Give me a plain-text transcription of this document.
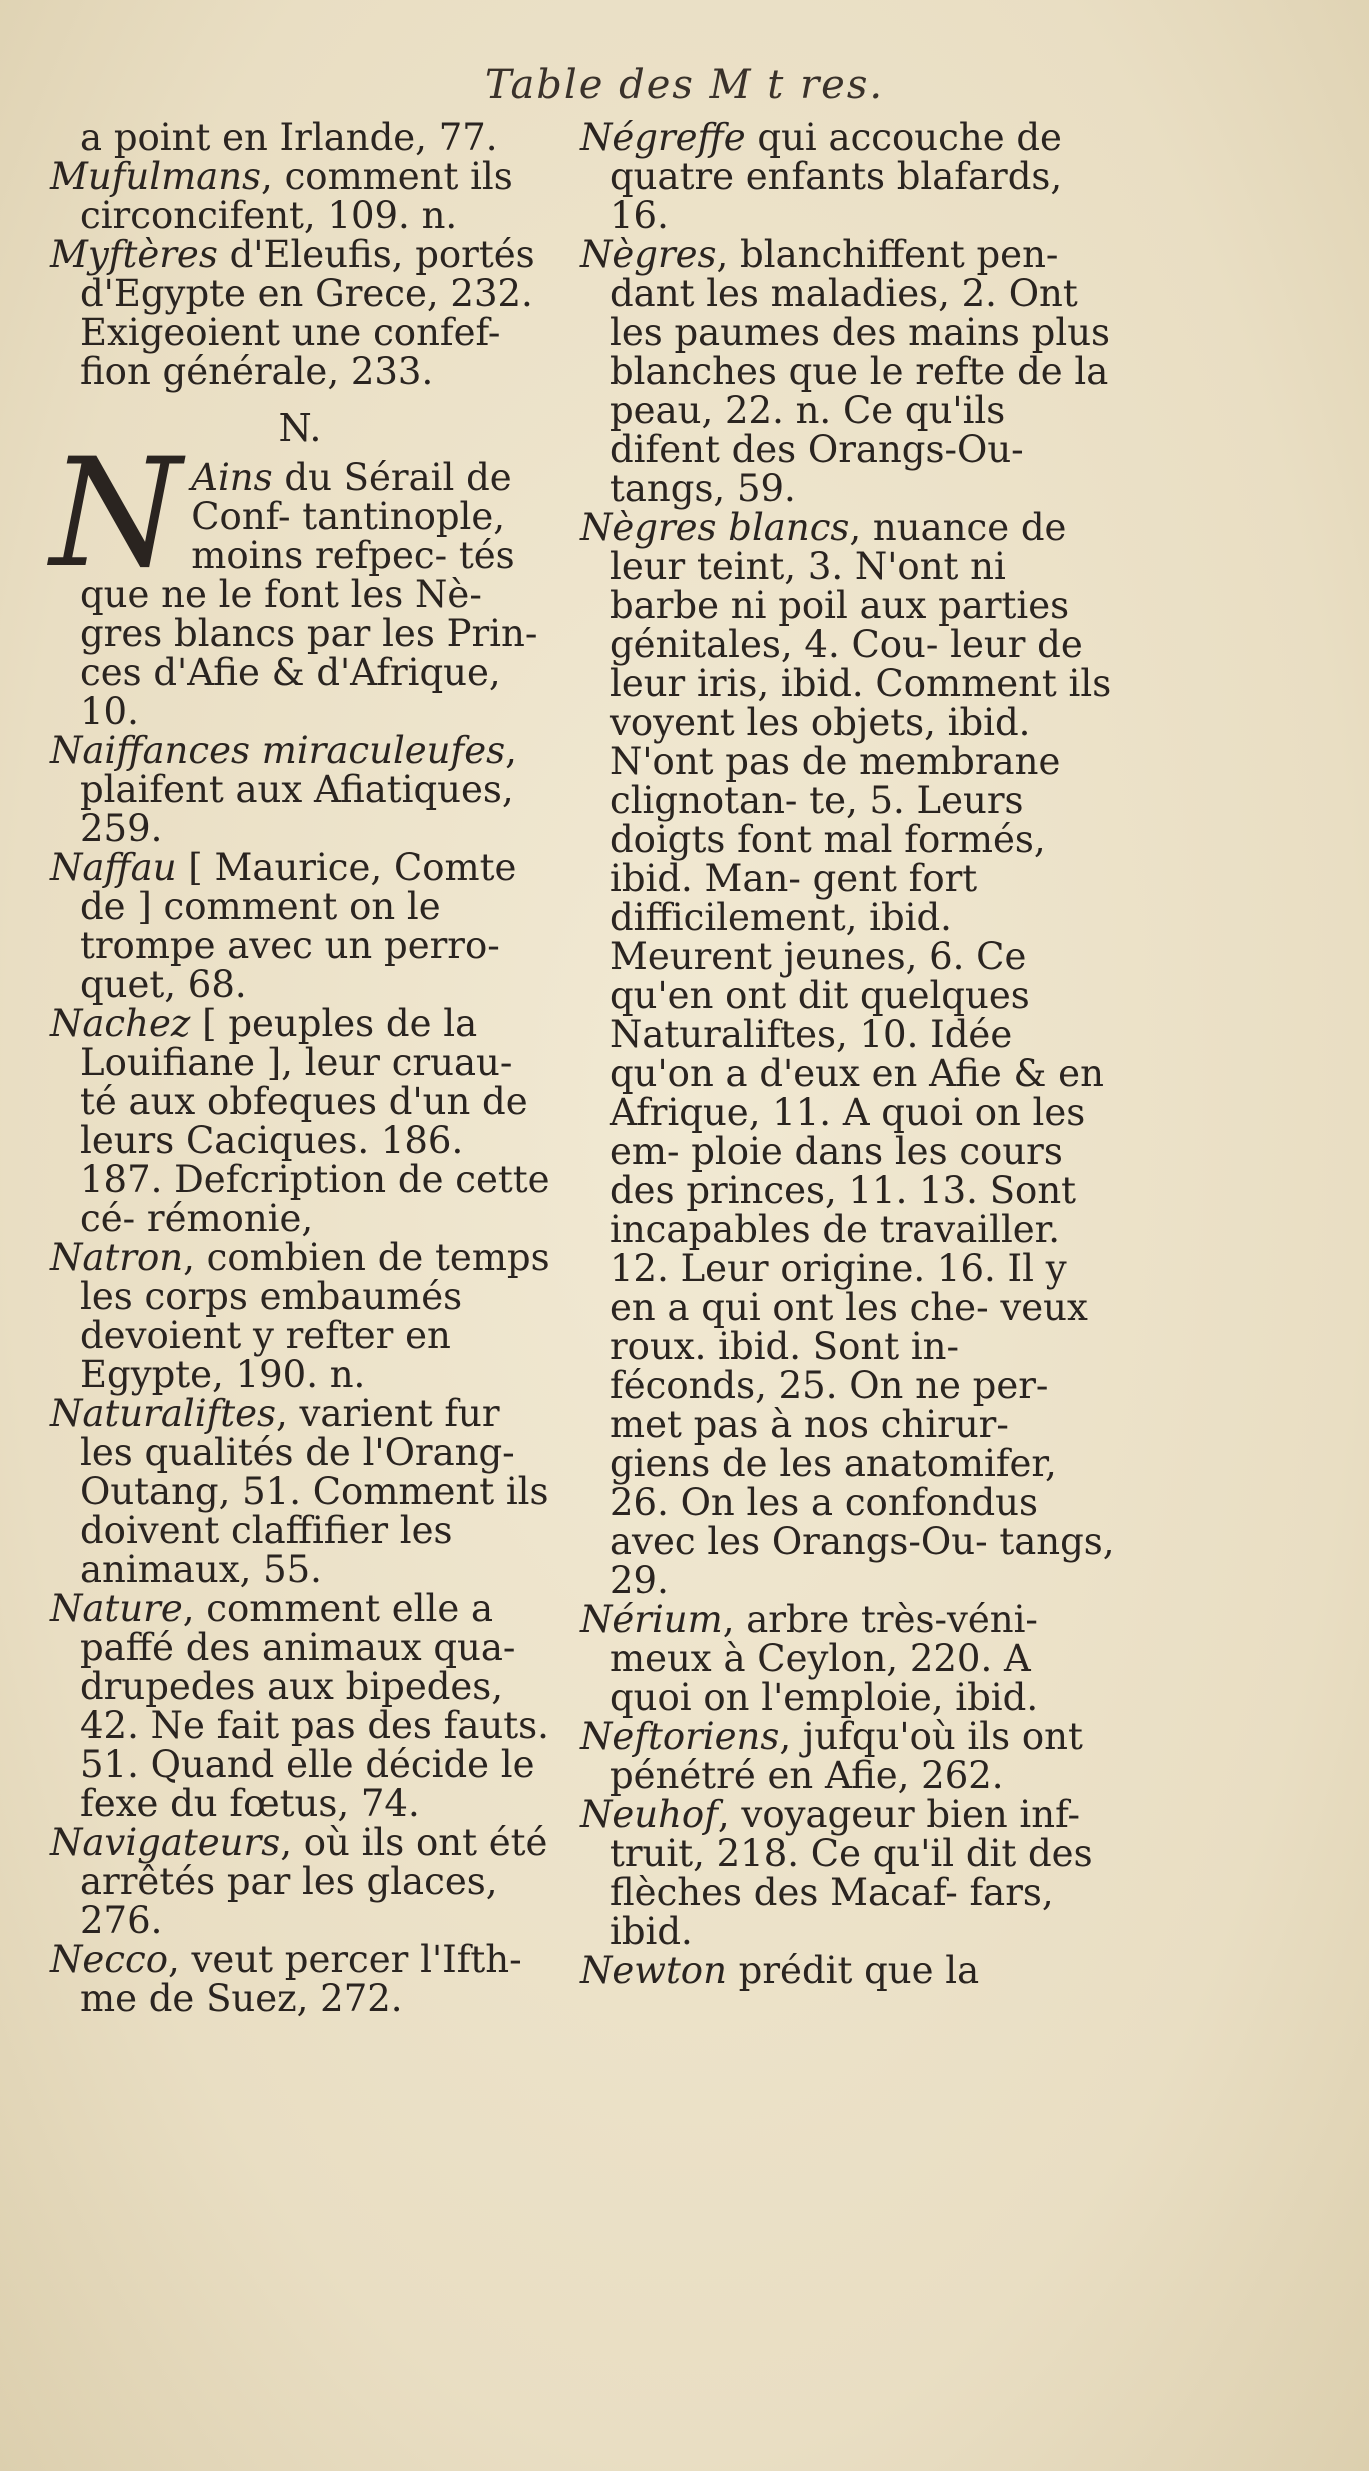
Table des M t res.
a point en Irlande, 77.
Mufulmans, comment ils circoncifent, 109. n.
Myftères d'Eleufis, portés d'Egypte en Grece, 232. Exigeoient une confef- fion générale, 233.
N.
N Ains du Sérail de Conf- tantinople, moins refpec- tés que ne le font les Nè- gres blancs par les Prin- ces d'Afie & d'Afrique, 10.
Naiffances miraculeufes, plaifent aux Afiatiques, 259.
Naffau [ Maurice, Comte de ] comment on le trompe avec un perro- quet, 68.
Nachez [ peuples de la Louifiane ], leur cruau- té aux obfeques d'un de leurs Caciques. 186. 187. Defcription de cette cé- rémonie,
Natron, combien de temps les corps embaumés devoient y refter en Egypte, 190. n.
Naturaliftes, varient fur les qualités de l'Orang- Outang, 51. Comment ils doivent claffifier les animaux, 55.
Nature, comment elle a paffé des animaux qua- drupedes aux bipedes, 42. Ne fait pas des fauts. 51. Quand elle décide le fexe du fœtus, 74.
Navigateurs, où ils ont été arrêtés par les glaces, 276.
Necco, veut percer l'Ifth- me de Suez, 272.
Négreffe qui accouche de quatre enfants blafards, 16.
Nègres, blanchiffent pen- dant les maladies, 2. Ont les paumes des mains plus blanches que le refte de la peau, 22. n. Ce qu'ils difent des Orangs-Ou- tangs, 59.
Nègres blancs, nuance de leur teint, 3. N'ont ni barbe ni poil aux parties génitales, 4. Cou- leur de leur iris, ibid. Comment ils voyent les objets, ibid. N'ont pas de membrane clignotan- te, 5. Leurs doigts font mal formés, ibid. Man- gent fort difficilement, ibid. Meurent jeunes, 6. Ce qu'en ont dit quelques Naturaliftes, 10. Idée qu'on a d'eux en Afie & en Afrique, 11. A quoi on les em- ploie dans les cours des princes, 11. 13. Sont incapables de travailler. 12. Leur origine. 16. Il y en a qui ont les che- veux roux. ibid. Sont in- féconds, 25. On ne per- met pas à nos chirur- giens de les anatomifer, 26. On les a confondus avec les Orangs-Ou- tangs, 29.
Nérium, arbre très-véni- meux à Ceylon, 220. A quoi on l'emploie, ibid.
Neftoriens, jufqu'où ils ont pénétré en Afie, 262.
Neuhof, voyageur bien inf- truit, 218. Ce qu'il dit des flèches des Macaf- fars, ibid.
Newton prédit que la
